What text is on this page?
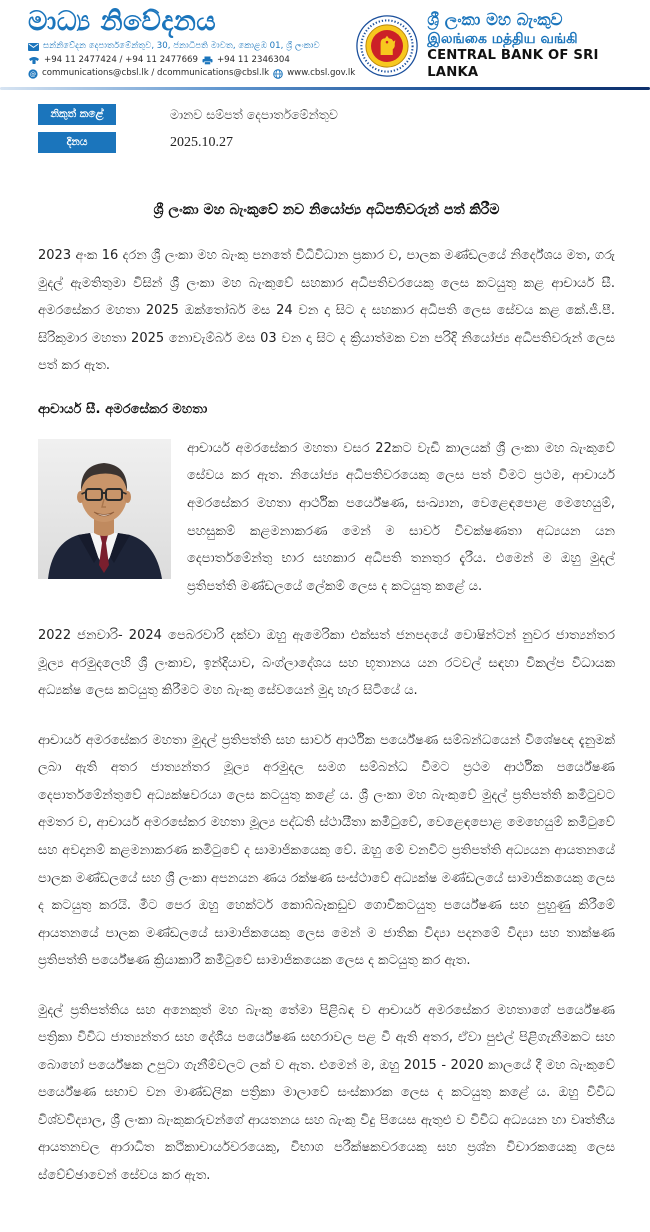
මාධ්‍ය නිවේදනය
සන්නිවේදන දෙපාර්තමේන්තුව, 30, ජනාධිපති මාවත, කොළඹ 01, ශ්‍රී ලංකාව
+94 11 2477424 / +94 11 2477669 +94 11 2346304
@ communications@cbsl.lk / dcommunications@cbsl.lk www.cbsl.gov.lk
ශ්‍රී ලංකා මහ බැංකුව
இலங்கை மத்திய வங்கி
CENTRAL BANK OF SRI LANKA
නිකුත් කළේ	මානව සම්පත් දෙපාර්තමේන්තුව
දිනය	2025.10.27
ශ්‍රී ලංකා මහ බැංකුවේ නව නියෝජ්‍ය අධිපතිවරුන් පත් කිරීම

2023 අංක 16 දරන ශ්‍රී ලංකා මහ බැංකු පනතේ විධිවිධාන ප්‍රකාර ව, පාලක මණ්ඩලයේ නිර්දේශය මත, ගරු මුදල් ඇමතිතුමා විසින් ශ්‍රී ලංකා මහ බැංකුවේ සහකාර අධිපතිවරයෙකු ලෙස කටයුතු කළ ආචාර්ය සී. අමරසේකර මහතා 2025 ඔක්තෝබර් මස 24 වන දා සිට ද සහකාර අධිපති ලෙස සේවය කළ කේ.ජී.පී. සිරිකුමාර මහතා 2025 නොවැම්බර් මස 03 වන දා සිට ද ක්‍රියාත්මක වන පරිදි නියෝජ්‍ය අධිපතිවරුන් ලෙස පත් කර ඇත.

ආචාර්ය සී. අමරසේකර මහතා

ආචාර්ය අමරසේකර මහතා වසර 22කට වැඩි කාලයක් ශ්‍රී ලංකා මහ බැංකුවේ සේවය කර ඇත. නියෝජ්‍ය අධිපතිවරයෙකු ලෙස පත් වීමට ප්‍රථම, ආචාර්ය අමරසේකර මහතා ආර්ථික පර්යේෂණ, සංඛ්‍යාන, වෙළෙඳපොළ මෙහෙයුම්, පහසුකම් කළමනාකරණ මෙන් ම සාර්ව විචක්ෂණතා අධ්‍යයන යන දෙපාර්තමේන්තු භාර සහකාර අධිපති තනතුර දැරීය. එමෙන් ම ඔහු මුදල් ප්‍රතිපත්ති මණ්ඩලයේ ලේකම් ලෙස ද කටයුතු කළේ ය.

2022 ජනවාරි- 2024 පෙබරවාරි දක්වා ඔහු ඇමෙරිකා එක්සත් ජනපදයේ වොෂින්ටන් නුවර ජාත්‍යන්තර මූල්‍ය අරමුදලෙහි ශ්‍රී ලංකාව, ඉන්දියාව, බංග්ලාදේශය සහ භූතානය යන රටවල් සඳහා විකල්ප විධායක අධ්‍යක්ෂ ලෙස කටයුතු කිරීමට මහ බැංකු සේවයෙන් මුදා හැර සිටියේ ය.

ආචාර්ය අමරසේකර මහතා මුදල් ප්‍රතිපත්ති සහ සාර්ව ආර්ථික පර්යේෂණ සම්බන්ධයෙන් විශේෂඥ දැනුමක් ලබා ඇති අතර ජාත්‍යන්තර මූල්‍ය අරමුදල සමග සම්බන්ධ වීමට ප්‍රථම ආර්ථික පර්යේෂණ දෙපාර්තමේන්තුවේ අධ්‍යක්ෂවරයා ලෙස කටයුතු කළේ ය. ශ්‍රී ලංකා මහ බැංකුවේ මුදල් ප්‍රතිපත්ති කමිටුවට අමතර ව, ආචාර්ය අමරසේකර මහතා මූල්‍ය පද්ධති ස්ථායීතා කමිටුවේ, වෙළෙඳපොළ මෙහෙයුම් කමිටුවේ සහ අවදානම් කළමනාකරණ කමිටුවේ ද සාමාජිකයෙකු වේ. ඔහු මේ වනවිට ප්‍රතිපත්ති අධ්‍යයන ආයතනයේ පාලක මණ්ඩලයේ සහ ශ්‍රී ලංකා අපනයන ණය රක්ෂණ සංස්ථාවේ අධ්‍යක්ෂ මණ්ඩලයේ සාමාජිකයෙකු ලෙස ද කටයුතු කරයි. මීට පෙර ඔහු හෙක්ටර් කොබ්බෑකඩුව ගොවිකටයුතු පර්යේෂණ සහ පුහුණු කිරීමේ ආයතනයේ පාලක මණ්ඩලයේ සාමාජිකයෙකු ලෙස මෙන් ම ජාතික විද්‍යා පදනමේ විද්‍යා සහ තාක්ෂණ ප්‍රතිපත්ති පර්යේෂණ ක්‍රියාකාරී කමිටුවේ සාමාජිකයෙක ලෙස ද කටයුතු කර ඇත.

මුදල් ප්‍රතිපත්තිය සහ අනෙකුත් මහ බැංකු තේමා පිළිබඳ ව ආචාර්ය අමරසේකර මහතාගේ පර්යේෂණ පත්‍රිකා විවිධ ජාත්‍යන්තර සහ දේශීය පර්යේෂණ සඟරාවල පළ වී ඇති අතර, ඒවා පුළුල් පිළිගැනීමකට සහ බොහෝ පර්යේෂක උපුටා ගැනීම්වලට ලක් ව ඇත. එමෙන් ම, ඔහු 2015 - 2020 කාලයේ දී මහ බැංකුවේ පර්යේෂණ සභාව වන මාණ්ඩලික පත්‍රිකා මාලාවේ සංස්කාරක ලෙස ද කටයුතු කළේ ය. ඔහු විවිධ විශ්වවිද්‍යාල, ශ්‍රී ලංකා බැංකුකරුවන්ගේ ආයතනය සහ බැංකු විදු පියෙස ඇතුළු ව විවිධ අධ්‍යයන හා වෘත්තීය ආයතනවල ආරාධිත කථිකාචාර්යවරයෙකු, විභාග පරීක්ෂකවරයෙකු සහ ප්‍රශ්න විචාරකයෙකු ලෙස ස්වේච්ඡාවෙන් සේවය කර ඇත.
